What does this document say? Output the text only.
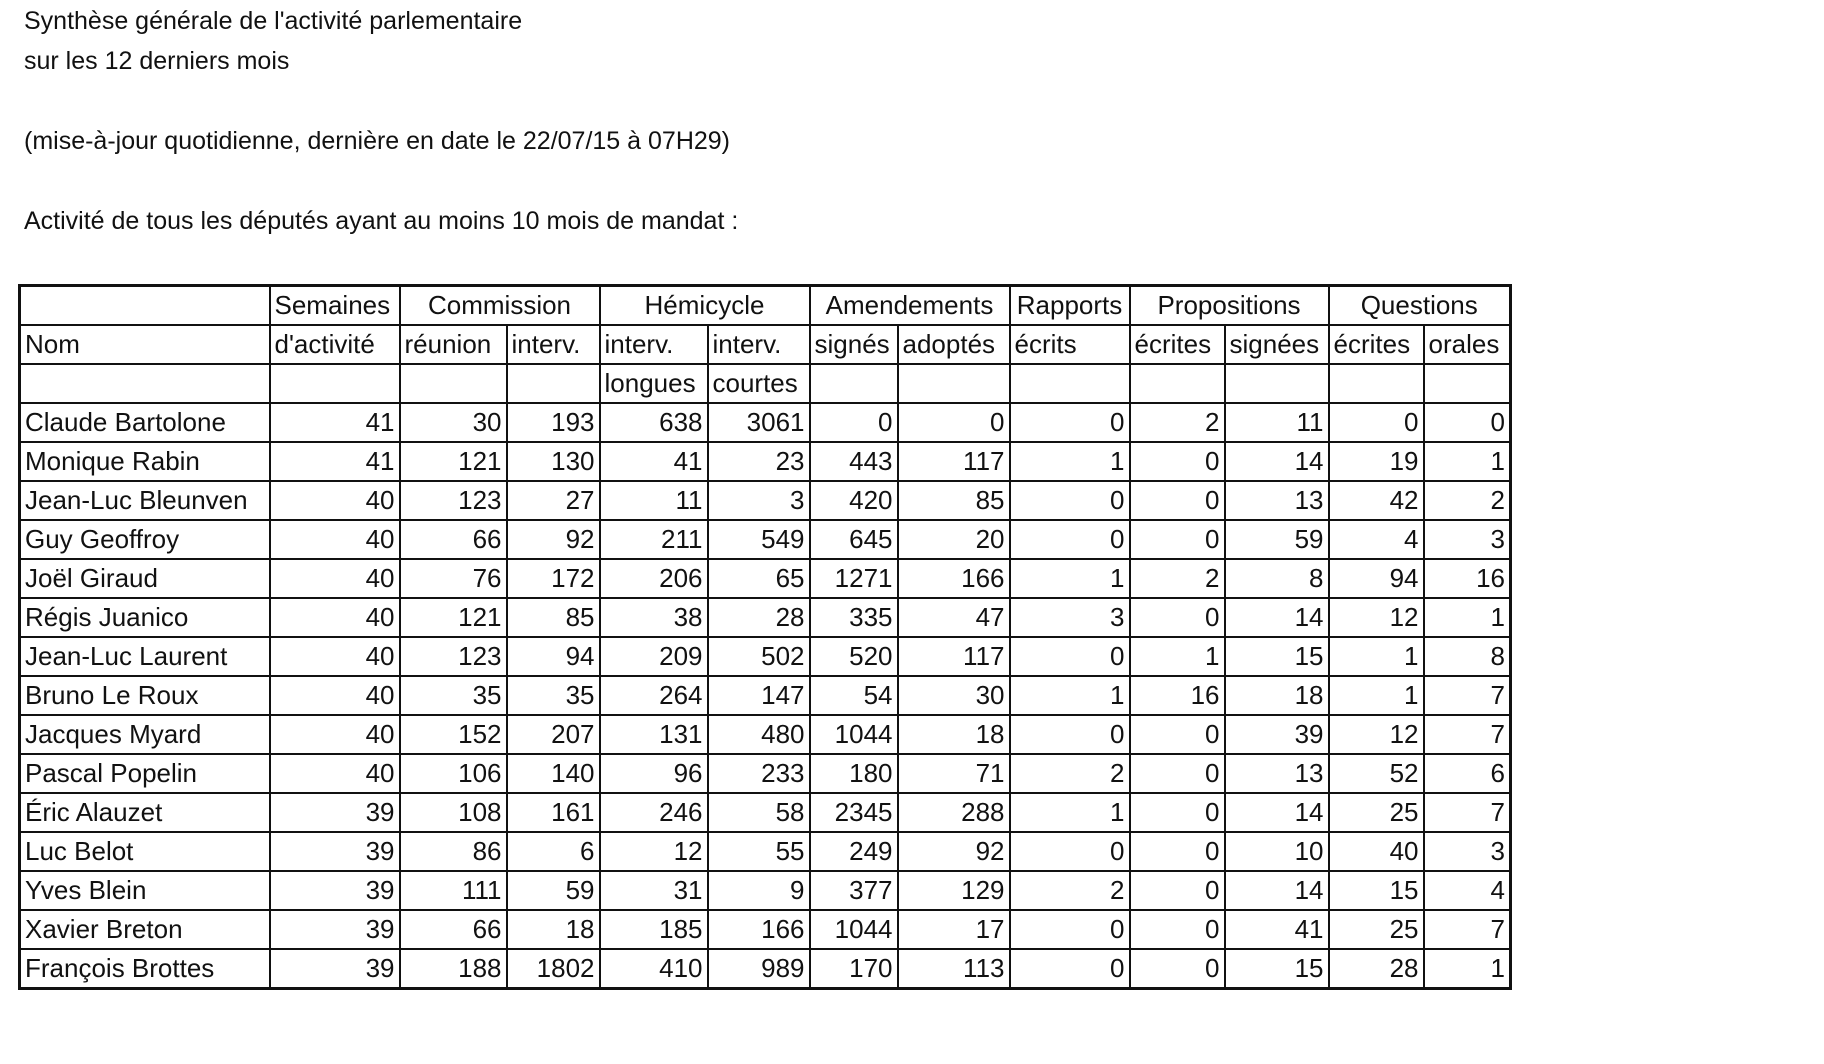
Synthèse générale de l'activité parlementaire
sur les 12 derniers mois
(mise-à-jour quotidienne, dernière en date le 22/07/15 à 07H29)
Activité de tous les députés ayant au moins 10 mois de mandat :
	Semaines	Commission		Hémicycle		Amendements		Rapports	Propositions		Questions	
Nom	d'activité	réunion	interv.	interv.	interv.	signés	adoptés	écrits	écrites	signées	écrites	orales
				longues	courtes							
Claude Bartolone	41	30	193	638	3061	0	0	0	2	11	0	0
Monique Rabin	41	121	130	41	23	443	117	1	0	14	19	1
Jean-Luc Bleunven	40	123	27	11	3	420	85	0	0	13	42	2
Guy Geoffroy	40	66	92	211	549	645	20	0	0	59	4	3
Joël Giraud	40	76	172	206	65	1271	166	1	2	8	94	16
Régis Juanico	40	121	85	38	28	335	47	3	0	14	12	1
Jean-Luc Laurent	40	123	94	209	502	520	117	0	1	15	1	8
Bruno Le Roux	40	35	35	264	147	54	30	1	16	18	1	7
Jacques Myard	40	152	207	131	480	1044	18	0	0	39	12	7
Pascal Popelin	40	106	140	96	233	180	71	2	0	13	52	6
Éric Alauzet	39	108	161	246	58	2345	288	1	0	14	25	7
Luc Belot	39	86	6	12	55	249	92	0	0	10	40	3
Yves Blein	39	111	59	31	9	377	129	2	0	14	15	4
Xavier Breton	39	66	18	185	166	1044	17	0	0	41	25	7
François Brottes	39	188	1802	410	989	170	113	0	0	15	28	1
